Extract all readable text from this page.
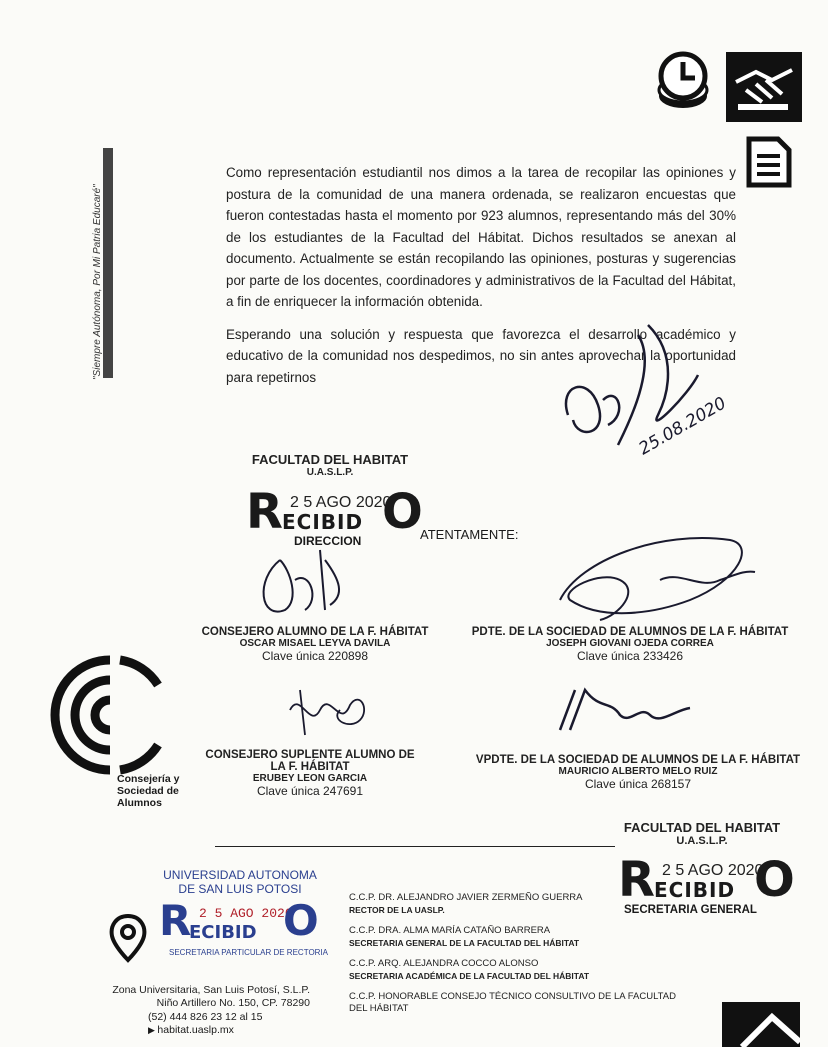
"Siempre Autónoma, Por Mi Patria Educaré"

Como representación estudiantil nos dimos a la tarea de recopilar las opiniones y postura de la comunidad de una manera ordenada, se realizaron encuestas que fueron contestadas hasta el momento por 923 alumnos, representando más del 30% de los estudiantes de la Facultad del Hábitat. Dichos resultados se anexan al documento. Actualmente se están recopilando las opiniones, posturas y sugerencias por parte de los docentes, coordinadores y administrativos de la Facultad del Hábitat, a fin de enriquecer la información obtenida.

Esperando una solución y respuesta que favorezca el desarrollo académico y educativo de la comunidad nos despedimos, no sin antes aprovechar la oportunidad para repetirnos

25.08.2020
FACULTAD DEL HABITAT
U.A.S.L.P.
R 2 5 AGO 2020
ECIBID O
DIRECCION	ATENTAMENTE:
CONSEJERO ALUMNO DE LA F. HÁBITAT
OSCAR MISAEL LEYVA DAVILA
Clave única 220898
PDTE. DE LA SOCIEDAD DE ALUMNOS DE LA F. HÁBITAT
JOSEPH GIOVANI OJEDA CORREA
Clave única 233426
CONSEJERO SUPLENTE ALUMNO DE LA F. HÁBITAT
ERUBEY LEON GARCIA
Clave única 247691
VPDTE. DE LA SOCIEDAD DE ALUMNOS DE LA F. HÁBITAT
MAURICIO ALBERTO MELO RUIZ
Clave única 268157
Consejería y
Sociedad de
Alumnos
FACULTAD DEL HABITAT
U.A.S.L.P.
R 2 5 AGO 2020
ECIBID O
SECRETARIA GENERAL
UNIVERSIDAD AUTONOMA
DE SAN LUIS POTOSI
R 2 5 AGO 2020
ECIBID O
SECRETARIA PARTICULAR DE RECTORIA
C.C.P. DR. ALEJANDRO JAVIER ZERMEÑO GUERRA
RECTOR DE LA UASLP.
C.C.P. DRA. ALMA MARÍA CATAÑO BARRERA
SECRETARIA GENERAL DE LA FACULTAD DEL HÁBITAT
C.C.P. ARQ. ALEJANDRA COCCO ALONSO
SECRETARIA ACADÉMICA DE LA FACULTAD DEL HÁBITAT
C.C.P. HONORABLE CONSEJO TÉCNICO CONSULTIVO DE LA FACULTAD
DEL HÁBITAT
Zona Universitaria, San Luis Potosí, S.L.P.
Niño Artillero No. 150, CP. 78290
(52) 444 826 23 12 al 15
▶ habitat.uaslp.mx
